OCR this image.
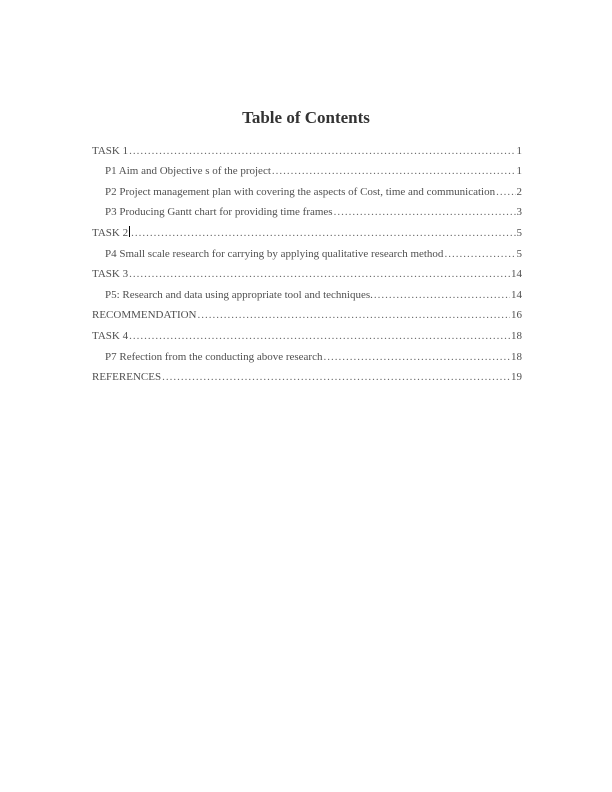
Table of Contents
TASK 1 .....	1
P1 Aim and Objective s of the project .....	1
P2 Project management plan with covering the aspects of Cost, time and communication ..... 2
P3 Producing Gantt chart for providing time frames .....	3
TASK 2 .....	5
P4 Small scale research for carrying by applying qualitative research method .....	5
TASK 3 .....	14
P5: Research and data using appropriate tool and techniques. .....	14
RECOMMENDATION .....	16
TASK 4 .....	18
P7 Refection from the conducting above research .....	18
REFERENCES .....	19
